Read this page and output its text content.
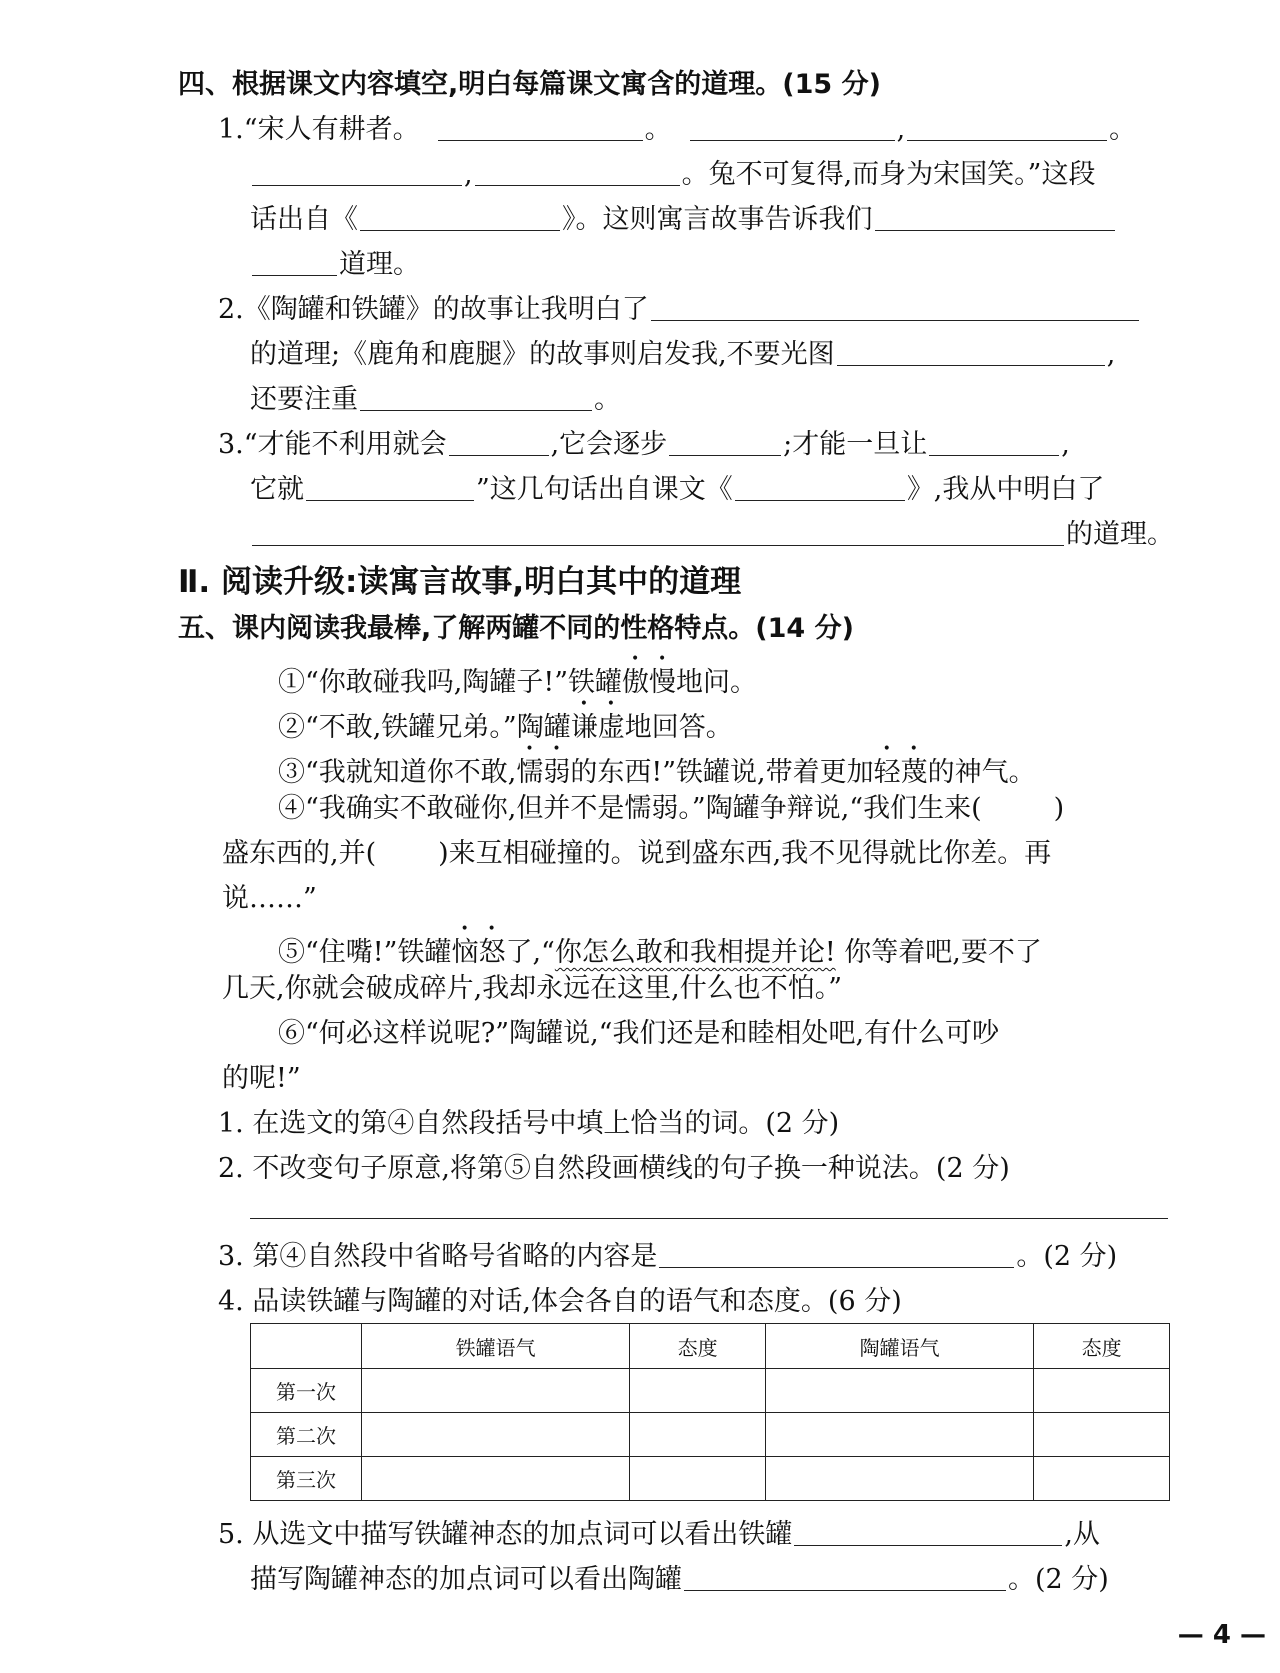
四、根据课文内容填空,明白每篇课文寓含的道理。(15 分)
1.“宋人有耕者。	。	,	。
,	。兔不可复得,而身为宋国笑。”这段
话出自《	》。这则寓言故事告诉我们
道理。
2.《陶罐和铁罐》的故事让我明白了
的道理;《鹿角和鹿腿》的故事则启发我,不要光图	,
还要注重	。
3.“才能不利用就会	,它会逐步	;才能一旦让	,
它就	”这几句话出自课文《	》,我从中明白了
的道理。
Ⅱ. 阅读升级:读寓言故事,明白其中的道理
五、课内阅读我最棒,了解两罐不同的性格特点。(14 分)
①“你敢碰我吗,陶罐子!”铁罐傲慢地问。
②“不敢,铁罐兄弟。”陶罐谦虚地回答。
③“我就知道你不敢,懦弱的东西!”铁罐说,带着更加轻蔑的神气。
④“我确实不敢碰你,但并不是懦弱。”陶罐争辩说,“我们生来(	)
盛东西的,并( )来互相碰撞的。说到盛东西,我不见得就比你差。再
说……”
⑤“住嘴!”铁罐恼怒了,“你怎么敢和我相提并论! 你等着吧,要不了
几天,你就会破成碎片,我却永远在这里,什么也不怕。”
⑥“何必这样说呢?”陶罐说,“我们还是和睦相处吧,有什么可吵
的呢!”
1. 在选文的第④自然段括号中填上恰当的词。(2 分)
2. 不改变句子原意,将第⑤自然段画横线的句子换一种说法。(2 分)
3. 第④自然段中省略号省略的内容是	。(2 分)
4. 品读铁罐与陶罐的对话,体会各自的语气和态度。(6 分)
	铁罐语气	态度	陶罐语气	态度
第一次				
第二次				
第三次				
5. 从选文中描写铁罐神态的加点词可以看出铁罐	,从
描写陶罐神态的加点词可以看出陶罐	。(2 分)
— 4 —
